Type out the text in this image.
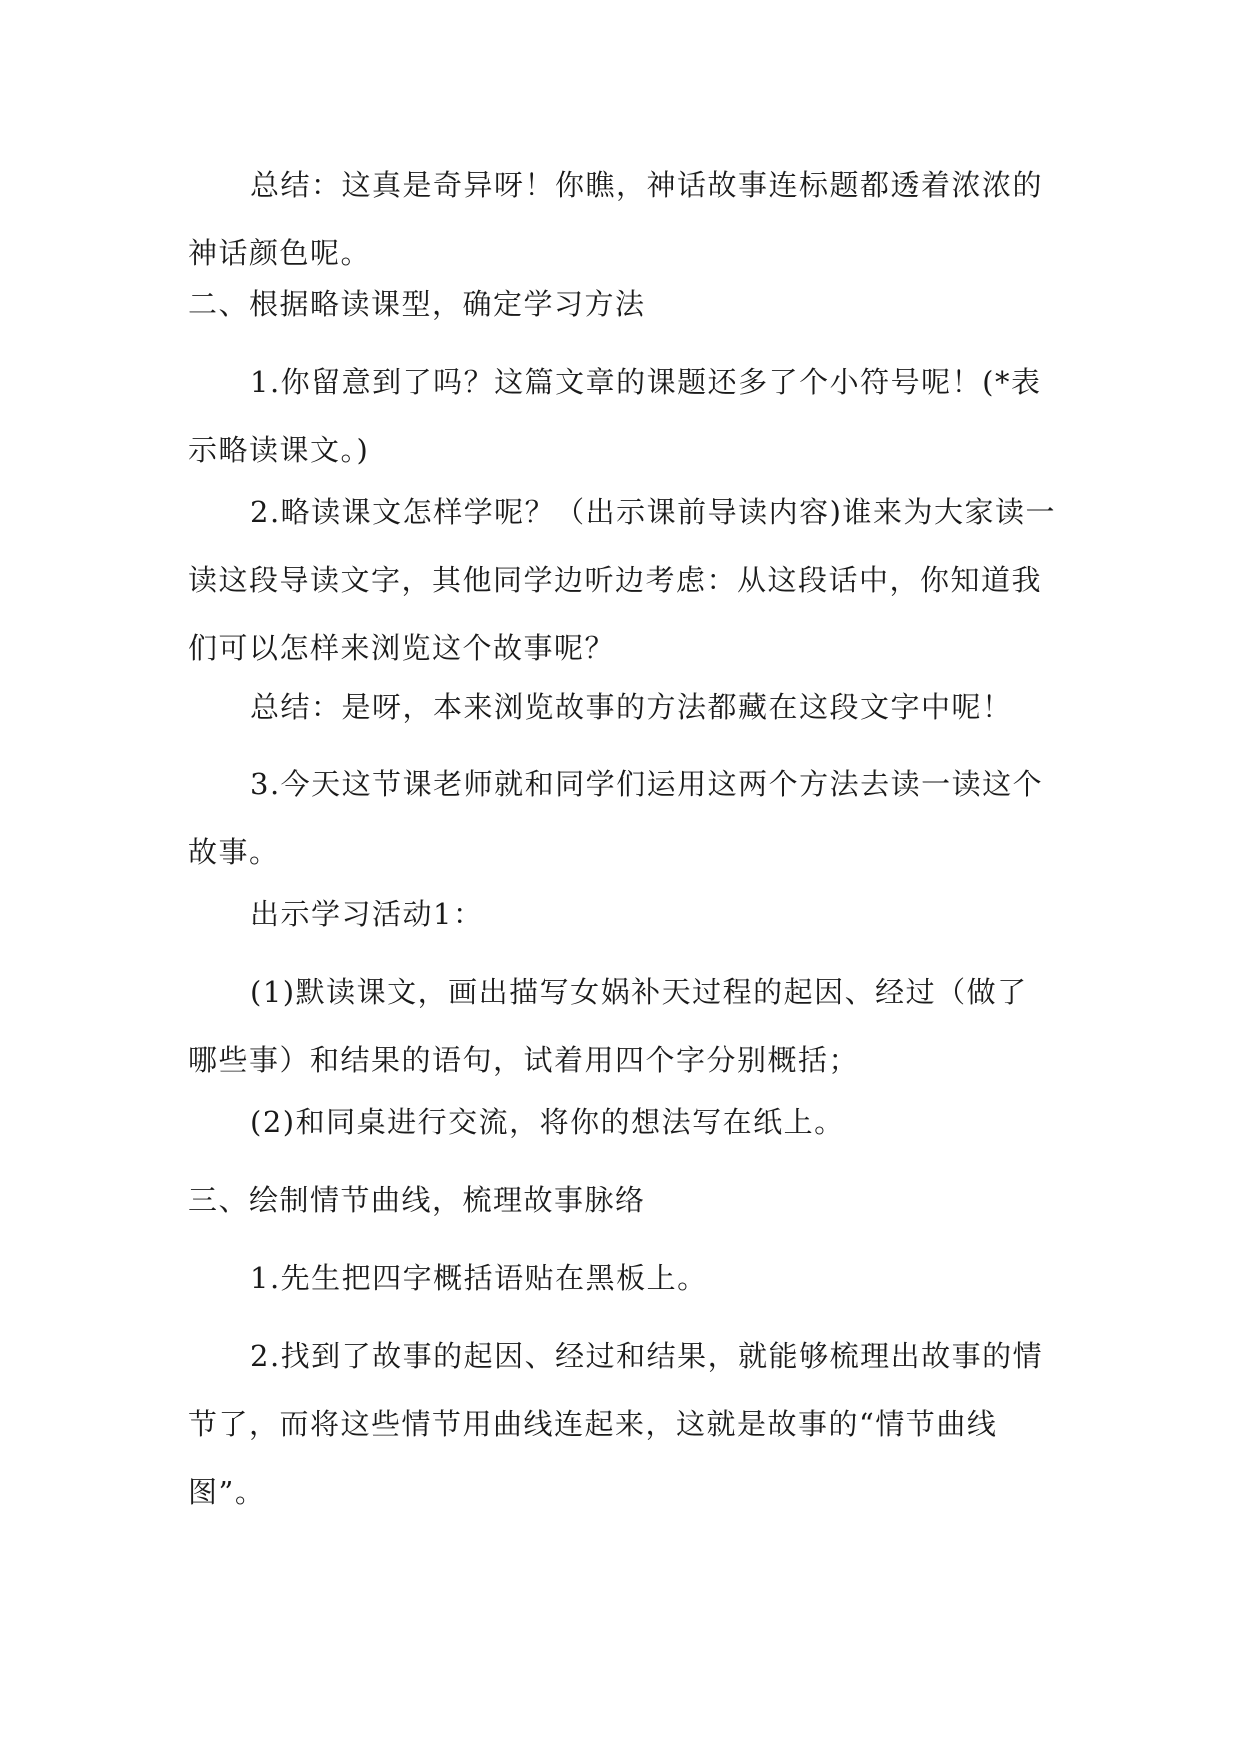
总结：这真是奇异呀！你瞧，神话故事连标题都透着浓浓的神话颜色呢。

二、根据略读课型，确定学习方法

1.你留意到了吗？这篇文章的课题还多了个小符号呢！(*表示略读课文。)

2.略读课文怎样学呢？（出示课前导读内容)谁来为大家读一读这段导读文字，其他同学边听边考虑：从这段话中，你知道我们可以怎样来浏览这个故事呢？

总结：是呀，本来浏览故事的方法都藏在这段文字中呢！

3.今天这节课老师就和同学们运用这两个方法去读一读这个故事。

出示学习活动1：

(1)默读课文，画出描写女娲补天过程的起因、经过（做了哪些事）和结果的语句，试着用四个字分别概括；

(2)和同桌进行交流，将你的想法写在纸上。

三、绘制情节曲线，梳理故事脉络

1.先生把四字概括语贴在黑板上。

2.找到了故事的起因、经过和结果，就能够梳理出故事的情节了，而将这些情节用曲线连起来，这就是故事的“情节曲线图”。
